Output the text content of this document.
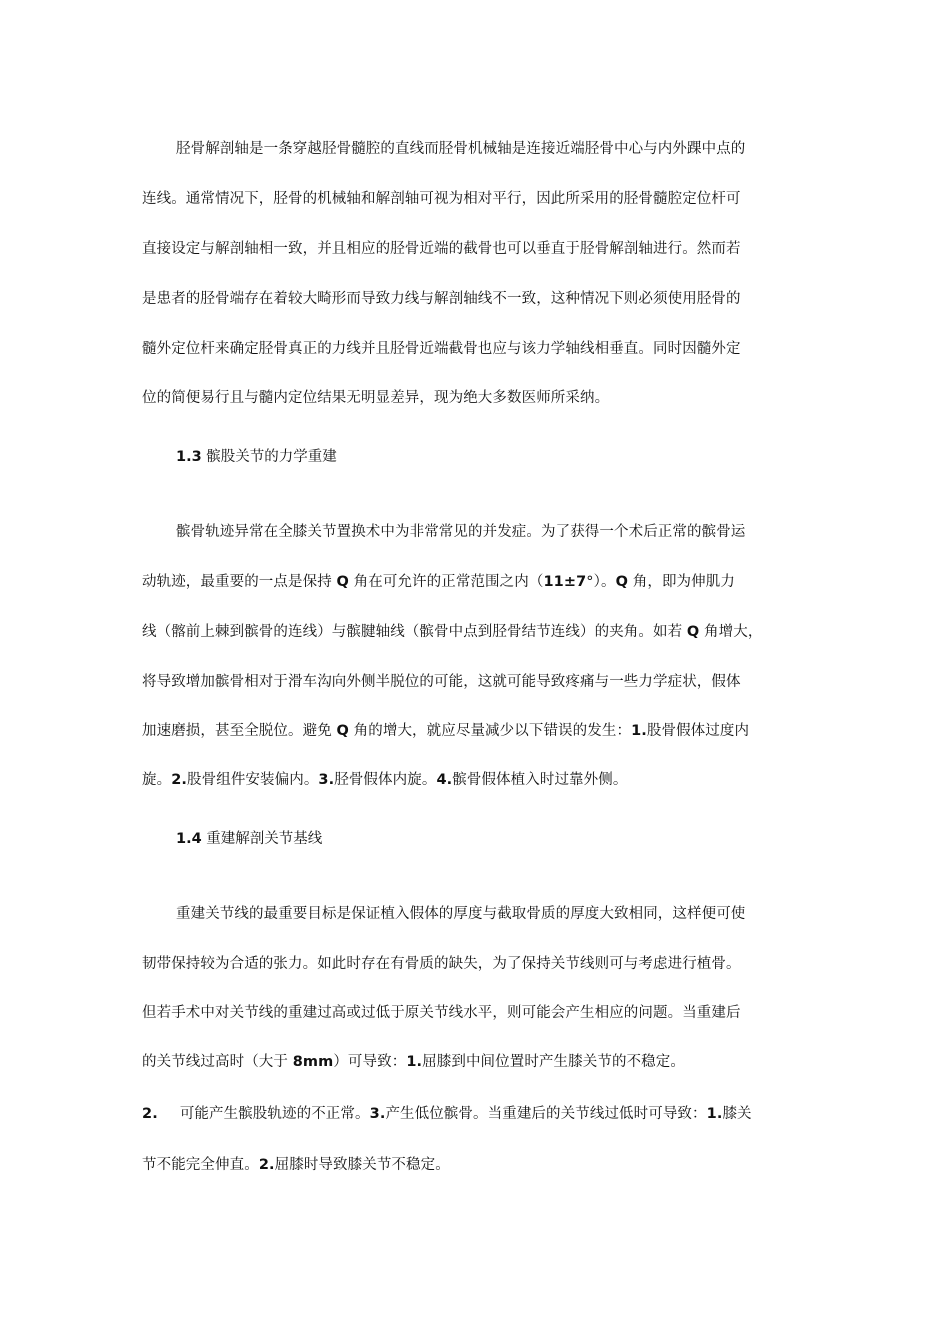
胫骨解剖轴是一条穿越胫骨髓腔的直线而胫骨机械轴是连接近端胫骨中心与内外踝中点的
连线。通常情况下，胫骨的机械轴和解剖轴可视为相对平行，因此所采用的胫骨髓腔定位杆可
直接设定与解剖轴相一致，并且相应的胫骨近端的截骨也可以垂直于胫骨解剖轴进行。然而若
是患者的胫骨端存在着较大畸形而导致力线与解剖轴线不一致，这种情况下则必须使用胫骨的
髓外定位杆来确定胫骨真正的力线并且胫骨近端截骨也应与该力学轴线相垂直。同时因髓外定
位的简便易行且与髓内定位结果无明显差异，现为绝大多数医师所采纳。
1.3 髌股关节的力学重建
髌骨轨迹异常在全膝关节置换术中为非常常见的并发症。为了获得一个术后正常的髌骨运
动轨迹，最重要的一点是保持 Q 角在可允许的正常范围之内（11±7°）。Q 角，即为伸肌力
线（髂前上棘到髌骨的连线）与髌腱轴线（髌骨中点到胫骨结节连线）的夹角。如若 Q 角增大，
将导致增加髌骨相对于滑车沟向外侧半脱位的可能，这就可能导致疼痛与一些力学症状，假体
加速磨损，甚至全脱位。避免 Q 角的增大，就应尽量减少以下错误的发生：1.股骨假体过度内
旋。2.股骨组件安装偏内。3.胫骨假体内旋。4.髌骨假体植入时过靠外侧。
1.4 重建解剖关节基线
重建关节线的最重要目标是保证植入假体的厚度与截取骨质的厚度大致相同，这样便可使
韧带保持较为合适的张力。如此时存在有骨质的缺失，为了保持关节线则可与考虑进行植骨。
但若手术中对关节线的重建过高或过低于原关节线水平，则可能会产生相应的问题。当重建后
的关节线过高时（大于 8mm）可导致：1.屈膝到中间位置时产生膝关节的不稳定。
2. 可能产生髌股轨迹的不正常。3.产生低位髌骨。当重建后的关节线过低时可导致：1.膝关
节不能完全伸直。2.屈膝时导致膝关节不稳定。
